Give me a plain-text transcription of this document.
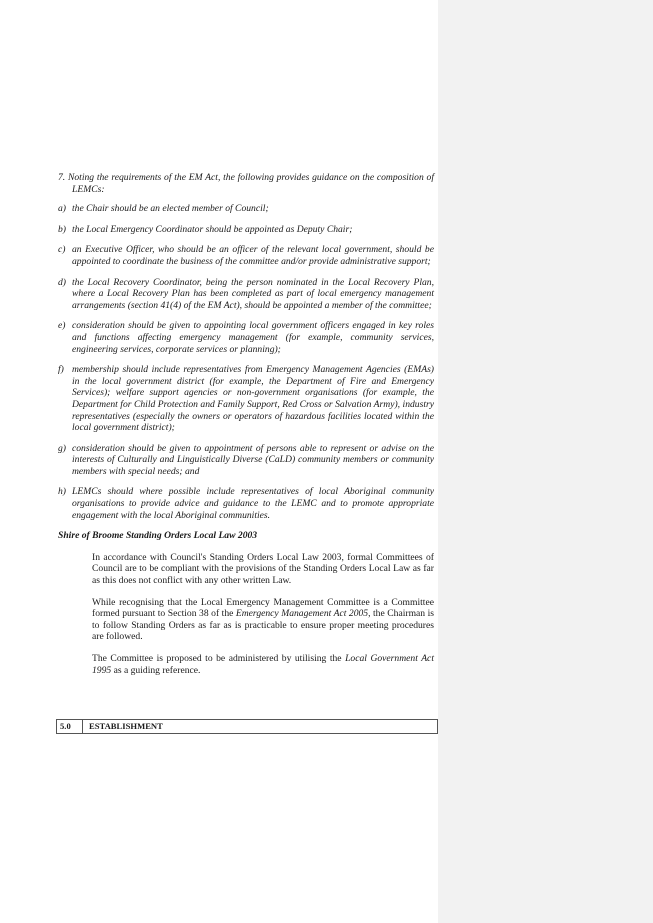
7. Noting the requirements of the EM Act, the following provides guidance on the composition of LEMCs:

a) the Chair should be an elected member of Council;

b) the Local Emergency Coordinator should be appointed as Deputy Chair;

c) an Executive Officer, who should be an officer of the relevant local government, should be appointed to coordinate the business of the committee and/or provide administrative support;

d) the Local Recovery Coordinator, being the person nominated in the Local Recovery Plan, where a Local Recovery Plan has been completed as part of local emergency management arrangements (section 41(4) of the EM Act), should be appointed a member of the committee;

e) consideration should be given to appointing local government officers engaged in key roles and functions affecting emergency management (for example, community services, engineering services, corporate services or planning);

f) membership should include representatives from Emergency Management Agencies (EMAs) in the local government district (for example, the Department of Fire and Emergency Services); welfare support agencies or non-government organisations (for example, the Department for Child Protection and Family Support, Red Cross or Salvation Army), industry representatives (especially the owners or operators of hazardous facilities located within the local government district);

g) consideration should be given to appointment of persons able to represent or advise on the interests of Culturally and Linguistically Diverse (CaLD) community members or community members with special needs; and

h) LEMCs should where possible include representatives of local Aboriginal community organisations to provide advice and guidance to the LEMC and to promote appropriate engagement with the local Aboriginal communities.

Shire of Broome Standing Orders Local Law 2003

In accordance with Council's Standing Orders Local Law 2003, formal Committees of Council are to be compliant with the provisions of the Standing Orders Local Law as far as this does not conflict with any other written Law.

While recognising that the Local Emergency Management Committee is a Committee formed pursuant to Section 38 of the Emergency Management Act 2005, the Chairman is to follow Standing Orders as far as is practicable to ensure proper meeting procedures are followed.

The Committee is proposed to be administered by utilising the Local Government Act 1995 as a guiding reference.

5.0	ESTABLISHMENT
